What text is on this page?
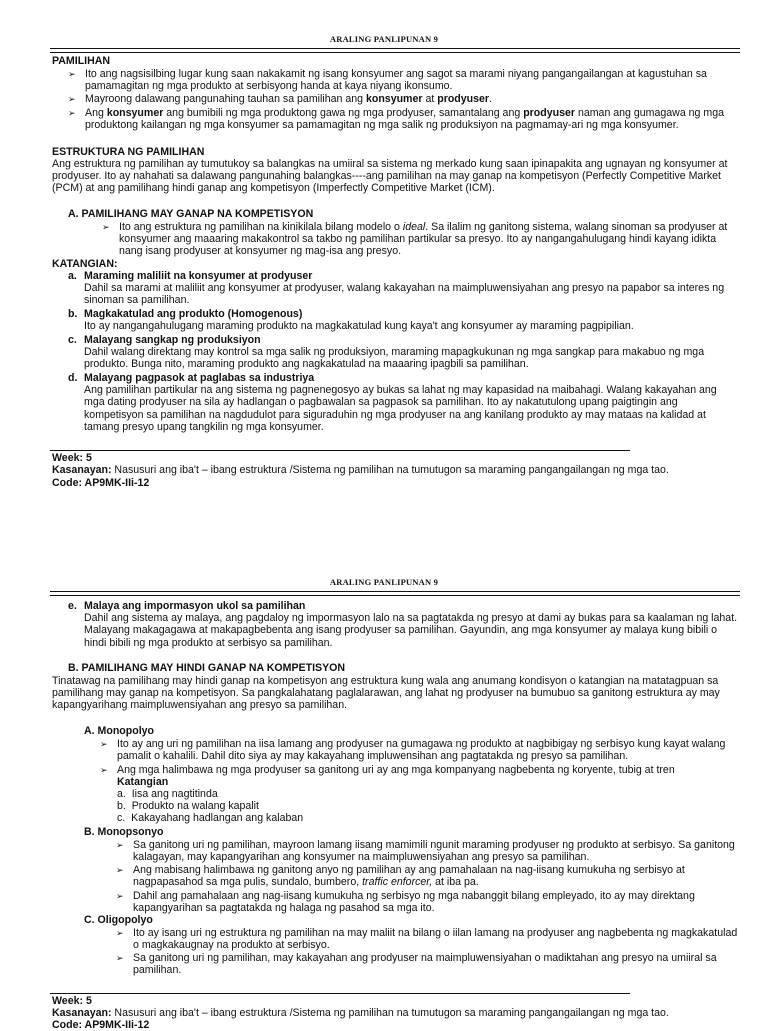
ARALING PANLIPUNAN 9
PAMILIHAN
➢ Ito ang nagsisilbing lugar kung saan nakakamit ng isang konsyumer ang sagot sa marami niyang pangangailangan at kagustuhan sa pamamagitan ng mga produkto at serbisyong handa at kaya niyang ikonsumo.

➢ Mayroong dalawang pangunahing tauhan sa pamilihan ang konsyumer at prodyuser.

➢ Ang konsyumer ang bumibili ng mga produktong gawa ng mga prodyuser, samantalang ang prodyuser naman ang gumagawa ng mga produktong kailangan ng mga konsyumer sa pamamagitan ng mga salik ng produksiyon na pagmamay-ari ng mga konsyumer.

ESTRUKTURA NG PAMILIHAN
Ang estruktura ng pamilihan ay tumutukoy sa balangkas na umiiral sa sistema ng merkado kung saan ipinapakita ang ugnayan ng konsyumer at prodyuser. Ito ay nahahati sa dalawang pangunahing balangkas----ang pamilihan na may ganap na kompetisyon (Perfectly Competitive Market (PCM) at ang pamilihang hindi ganap ang kompetisyon (Imperfectly Competitive Market (ICM).
A. PAMILIHANG MAY GANAP NA KOMPETISYON
➢ Ito ang estruktura ng pamilihan na kinikilala bilang modelo o ideal. Sa ilalim ng ganitong sistema, walang sinoman sa prodyuser at konsyumer ang maaaring makakontrol sa takbo ng pamilihan partikular sa presyo. Ito ay nangangahulugang hindi kayang idikta nang isang prodyuser at konsyumer ng mag-isa ang presyo.

KATANGIAN:
a. Maraming maliliit na konsyumer at prodyuser

Dahil sa marami at maliliit ang konsyumer at prodyuser, walang kakayahan na maimpluwensiyahan ang presyo na papabor sa interes ng sinoman sa pamilihan.

b. Magkakatulad ang produkto (Homogenous)

Ito ay nangangahulugang maraming produkto na magkakatulad kung kaya't ang konsyumer ay maraming pagpipilian.

c. Malayang sangkap ng produksiyon

Dahil walang direktang may kontrol sa mga salik ng produksiyon, maraming mapagkukunan ng mga sangkap para makabuo ng mga produkto. Bunga nito, maraming produkto ang nagkakatulad na maaaring ipagbili sa pamilihan.

d. Malayang pagpasok at paglabas sa industriya

Ang pamilihan partikular na ang sistema ng pagnenegosyo ay bukas sa lahat ng may kapasidad na maibahagi. Walang kakayahan ang mga dating prodyuser na sila ay hadlangan o pagbawalan sa pagpasok sa pamilihan. Ito ay nakatutulong upang paigtingin ang kompetisyon sa pamilihan na nagdudulot para siguraduhin ng mga prodyuser na ang kanilang produkto ay may mataas na kalidad at tamang presyo upang tangkilin ng mga konsyumer.

Week: 5
Kasanayan: Nasusuri ang iba't – ibang estruktura /Sistema ng pamilihan na tumutugon sa maraming pangangailangan ng mga tao.
Code: AP9MK-IIi-12
ARALING PANLIPUNAN 9
e. Malaya ang impormasyon ukol sa pamilihan

Dahil ang sistema ay malaya, ang pagdaloy ng impormasyon lalo na sa pagtatakda ng presyo at dami ay bukas para sa kaalaman ng lahat. Malayang makagagawa at makapagbebenta ang isang prodyuser sa pamilihan. Gayundin, ang mga konsyumer ay malaya kung bibili o hindi bibili ng mga produkto at serbisyo sa pamilihan.

B. PAMILIHANG MAY HINDI GANAP NA KOMPETISYON
Tinatawag na pamilihang may hindi ganap na kompetisyon ang estruktura kung wala ang anumang kondisyon o katangian na matatagpuan sa pamilihang may ganap na kompetisyon. Sa pangkalahatang paglalarawan, ang lahat ng prodyuser na bumubuo sa ganitong estruktura ay may kapangyarihang maimpluwensiyahan ang presyo sa pamilihan.
A. Monopolyo
➢ Ito ay ang uri ng pamilihan na iisa lamang ang prodyuser na gumagawa ng produkto at nagbibigay ng serbisyo kung kayat walang pamalit o kahalili. Dahil dito siya ay may kakayahang impluwensihan ang pagtatakda ng presyo sa pamilihan.

➢ Ang mga halimbawa ng mga prodyuser sa ganitong uri ay ang mga kompanyang nagbebenta ng koryente, tubig at tren

Katangian
a. Iisa ang nagtitinda
b. Produkto na walang kapalit
c. Kakayahang hadlangan ang kalaban
B. Monopsonyo
➢ Sa ganitong uri ng pamilihan, mayroon lamang iisang mamimili ngunit maraming prodyuser ng produkto at serbisyo. Sa ganitong kalagayan, may kapangyarihan ang konsyumer na maimpluwensiyahan ang presyo sa pamilihan.

➢ Ang mabisang halimbawa ng ganitong anyo ng pamilihan ay ang pamahalaan na nag-iisang kumukuha ng serbisyo at nagpapasahod sa mga pulis, sundalo, bumbero, traffic enforcer, at iba pa.

➢ Dahil ang pamahalaan ang nag-iisang kumukuha ng serbisyo ng mga nabanggit bilang empleyado, ito ay may direktang kapangyarihan sa pagtatakda ng halaga ng pasahod sa mga ito.

C. Oligopolyo
➢ Ito ay isang uri ng estruktura ng pamilihan na may maliit na bilang o iilan lamang na prodyuser ang nagbebenta ng magkakatulad o magkakaugnay na produkto at serbisyo.

➢ Sa ganitong uri ng pamilihan, may kakayahan ang prodyuser na maimpluwensiyahan o madiktahan ang presyo na umiiral sa pamilihan.

Week: 5
Kasanayan: Nasusuri ang iba't – ibang estruktura /Sistema ng pamilihan na tumutugon sa maraming pangangailangan ng mga tao.
Code: AP9MK-IIi-12
